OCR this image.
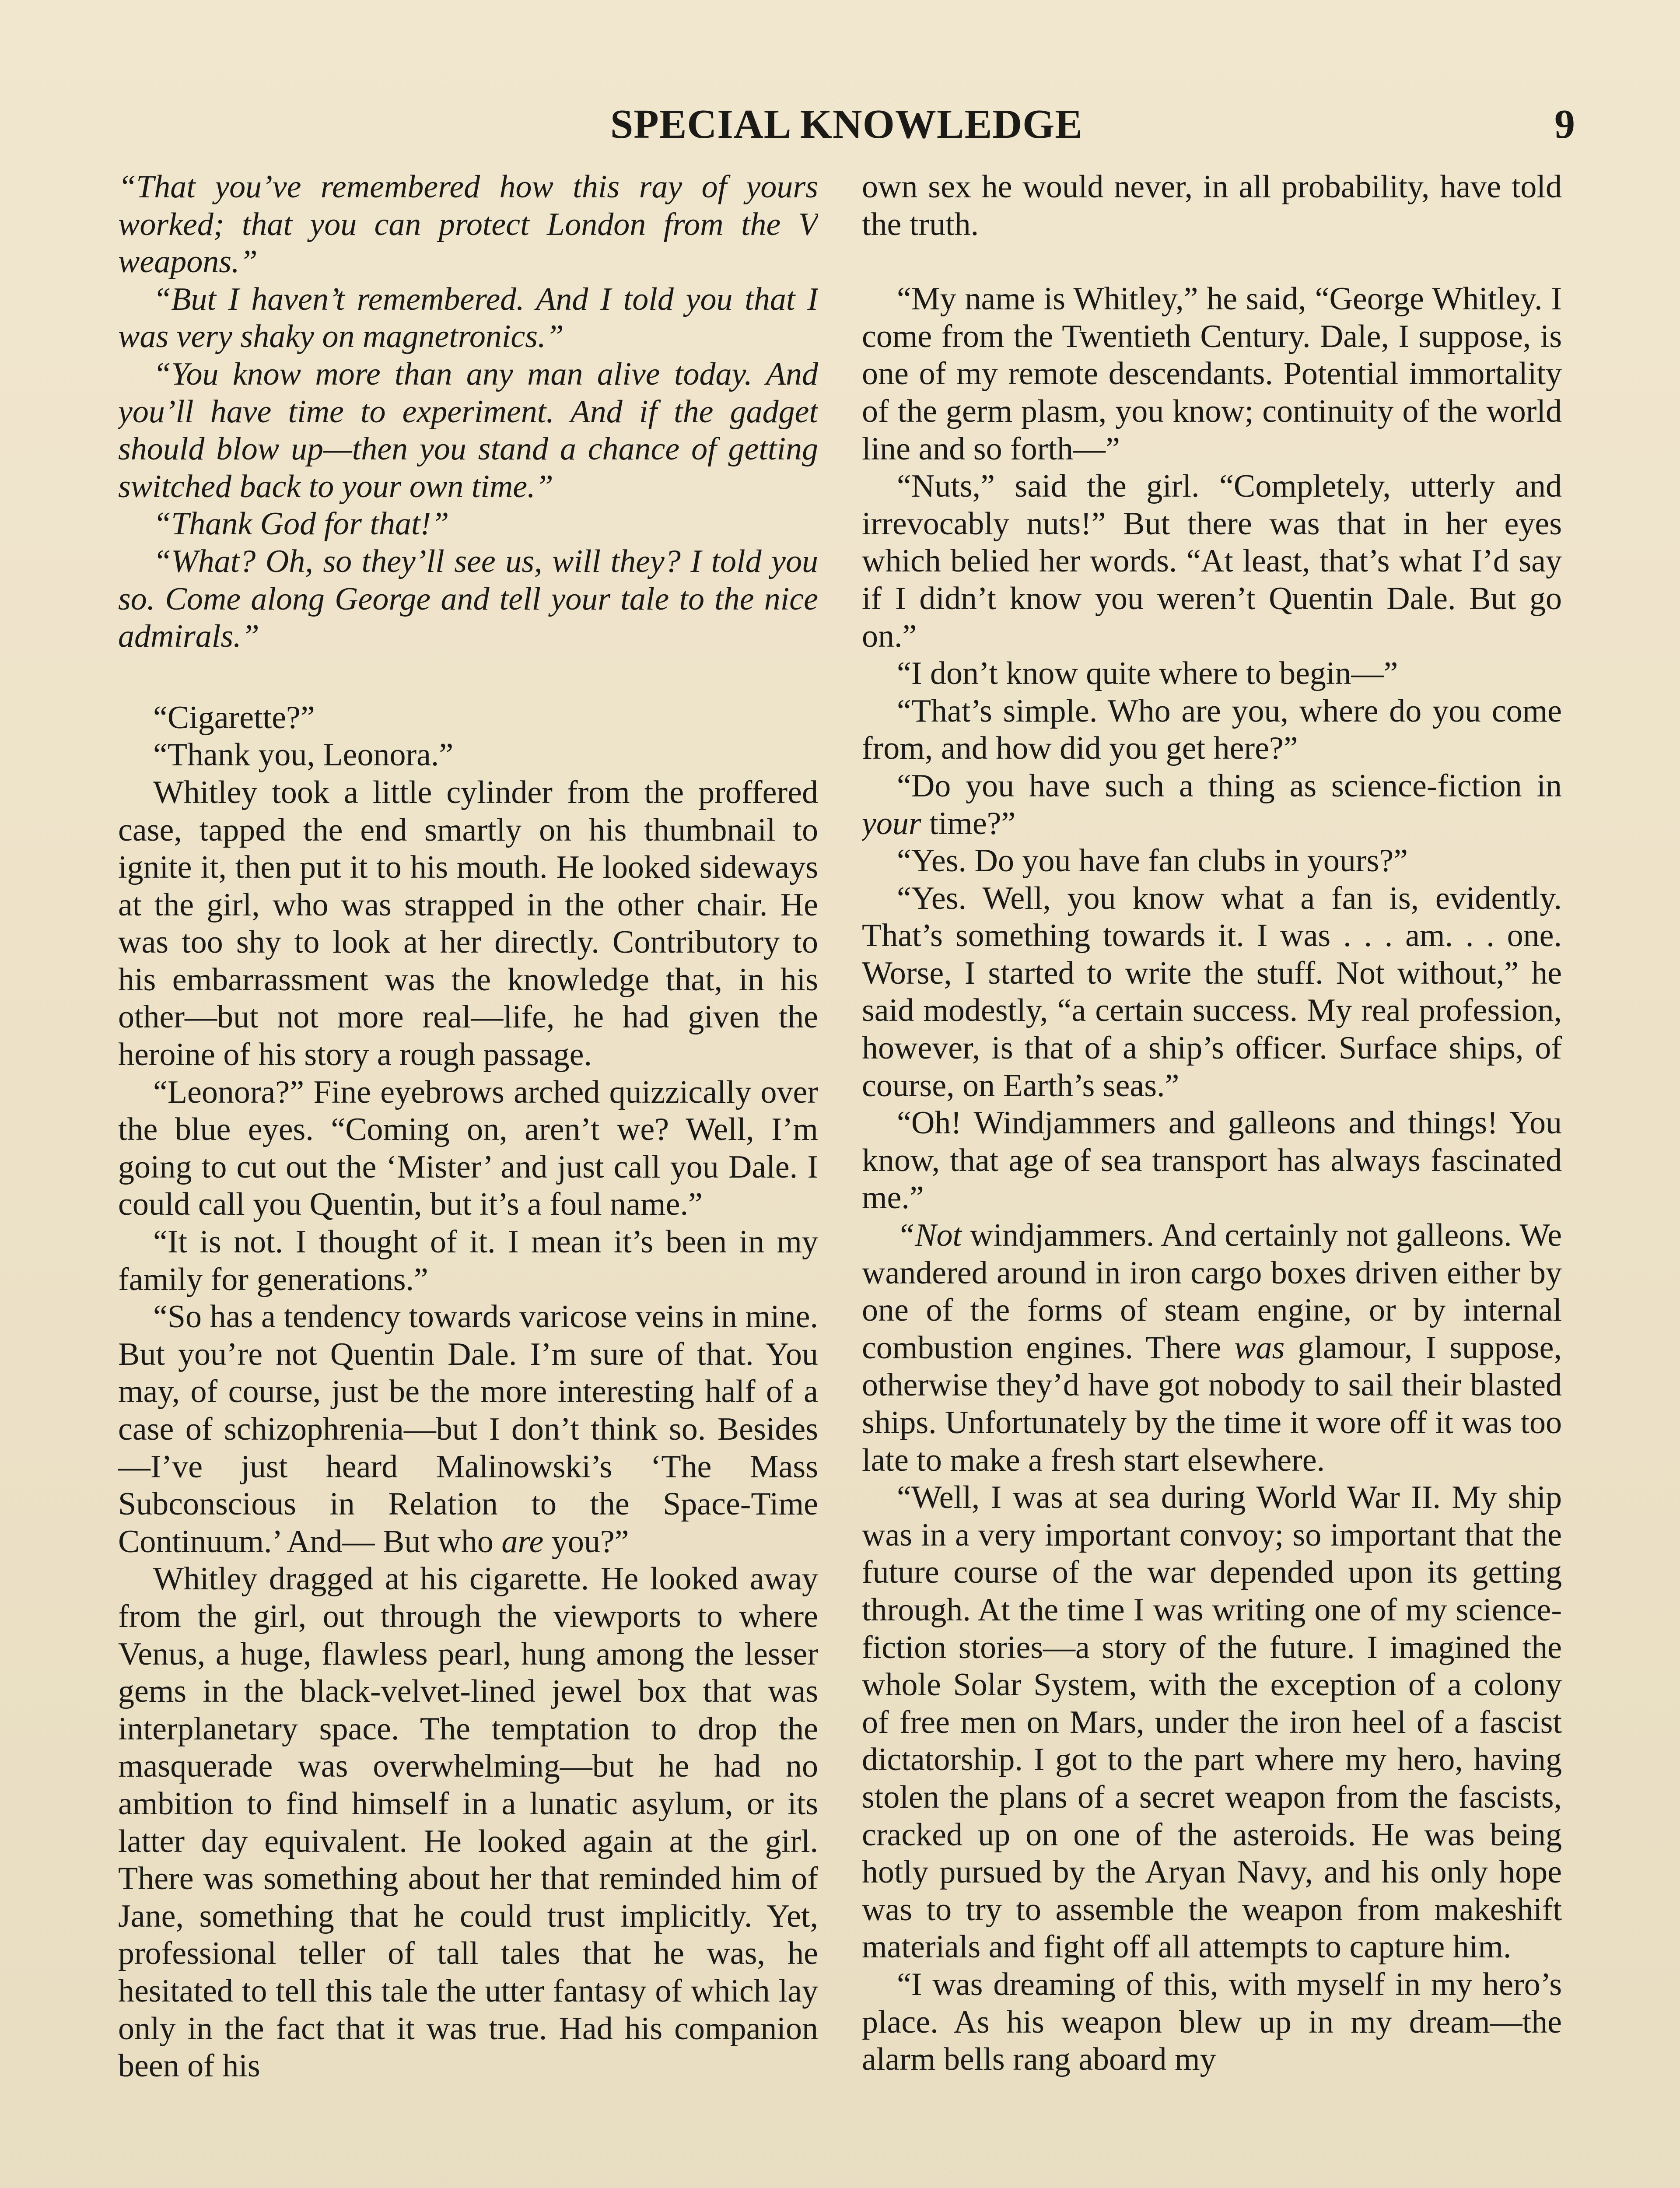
SPECIAL KNOWLEDGE	9

“That you’ve remembered how this ray of yours worked; that you can protect London from the V weapons.”

“But I haven’t remembered. And I told you that I was very shaky on magnetronics.”

“You know more than any man alive today. And you’ll have time to experiment. And if the gadget should blow up—then you stand a chance of getting switched back to your own time.”

“Thank God for that!”

“What? Oh, so they’ll see us, will they? I told you so. Come along George and tell your tale to the nice admirals.”

“Cigarette?”

“Thank you, Leonora.”

Whitley took a little cylinder from the proffered case, tapped the end smartly on his thumbnail to ignite it, then put it to his mouth. He looked sideways at the girl, who was strapped in the other chair. He was too shy to look at her directly. Contributory to his embarrassment was the knowledge that, in his other—but not more real—life, he had given the heroine of his story a rough passage.

“Leonora?” Fine eyebrows arched quizzically over the blue eyes. “Coming on, aren’t we? Well, I’m going to cut out the ‘Mister’ and just call you Dale. I could call you Quentin, but it’s a foul name.”

“It is not. I thought of it. I mean it’s been in my family for generations.”

“So has a tendency towards varicose veins in mine. But you’re not Quentin Dale. I’m sure of that. You may, of course, just be the more interesting half of a case of schizophrenia—but I don’t think so. Besides —I’ve just heard Malinowski’s ‘The Mass Subconscious in Relation to the Space-Time Continuum.’ And— But who are you?”

Whitley dragged at his cigarette. He looked away from the girl, out through the viewports to where Venus, a huge, flawless pearl, hung among the lesser gems in the black-velvet-lined jewel box that was interplanetary space. The temptation to drop the masquerade was overwhelming—but he had no ambition to find himself in a lunatic asylum, or its latter day equivalent. He looked again at the girl. There was something about her that reminded him of Jane, something that he could trust implicitly. Yet, professional teller of tall tales that he was, he hesitated to tell this tale the utter fantasy of which lay only in the fact that it was true. Had his companion been of his

own sex he would never, in all probability, have told the truth.

“My name is Whitley,” he said, “George Whitley. I come from the Twentieth Century. Dale, I suppose, is one of my remote descendants. Potential immortality of the germ plasm, you know; continuity of the world line and so forth—”

“Nuts,” said the girl. “Completely, utterly and irrevocably nuts!” But there was that in her eyes which belied her words. “At least, that’s what I’d say if I didn’t know you weren’t Quentin Dale. But go on.”

“I don’t know quite where to begin—”

“That’s simple. Who are you, where do you come from, and how did you get here?”

“Do you have such a thing as science-fiction in your time?”

“Yes. Do you have fan clubs in yours?”

“Yes. Well, you know what a fan is, evidently. That’s something towards it. I was . . . am. . . one. Worse, I started to write the stuff. Not without,” he said modestly, “a certain success. My real profession, however, is that of a ship’s officer. Surface ships, of course, on Earth’s seas.”

“Oh! Windjammers and galleons and things! You know, that age of sea transport has always fascinated me.”

“Not windjammers. And certainly not galleons. We wandered around in iron cargo boxes driven either by one of the forms of steam engine, or by internal combustion engines. There was glamour, I suppose, otherwise they’d have got nobody to sail their blasted ships. Unfortunately by the time it wore off it was too late to make a fresh start elsewhere.

“Well, I was at sea during World War II. My ship was in a very important convoy; so important that the future course of the war depended upon its getting through. At the time I was writing one of my science-fiction stories—a story of the future. I imagined the whole Solar System, with the exception of a colony of free men on Mars, under the iron heel of a fascist dictatorship. I got to the part where my hero, having stolen the plans of a secret weapon from the fascists, cracked up on one of the asteroids. He was being hotly pursued by the Aryan Navy, and his only hope was to try to assemble the weapon from makeshift materials and fight off all attempts to capture him.

“I was dreaming of this, with myself in my hero’s place. As his weapon blew up in my dream—the alarm bells rang aboard my
